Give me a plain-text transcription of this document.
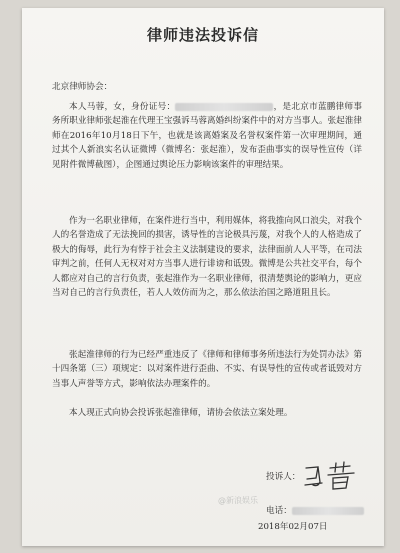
律师违法投诉信
北京律师协会：
本人马蓉，女，身份证号：	，是北京市蓝鹏律师事务所职业律师张起淮在代理王宝强诉马蓉离婚纠纷案件中的对方当事人。张起淮律师在2016年10月18日下午，也就是该离婚案及名誉权案件第一次审理期间，通过其个人新浪实名认证微博（微博名：张起淮），发布歪曲事实的误导性宣传（详见附件微博截图），企图通过舆论压力影响该案件的审理结果。
作为一名职业律师，在案件进行当中，利用媒体，将我推向风口浪尖，对我个人的名誉造成了无法挽回的损害，诱导性的言论极具污蔑，对我个人的人格造成了极大的侮辱，此行为有悖于社会主义法制建设的要求，法律面前人人平等，在司法审判之前，任何人无权对对方当事人进行诽谤和诋毁。微博是公共社交平台，每个人都应对自己的言行负责，张起淮作为一名职业律师，很清楚舆论的影响力，更应当对自己的言行负责任，若人人效仿而为之，那么依法治国之路道阻且长。
张起淮律师的行为已经严重违反了《律师和律师事务所违法行为处罚办法》第十四条第（三）项规定：以对案件进行歪曲、不实、有误导性的宣传或者诋毁对方当事人声誉等方式，影响依法办理案件的。
本人现正式向协会投诉张起淮律师，请协会依法立案处理。
投诉人：
@新浪娱乐
电话：
2018年02月07日
